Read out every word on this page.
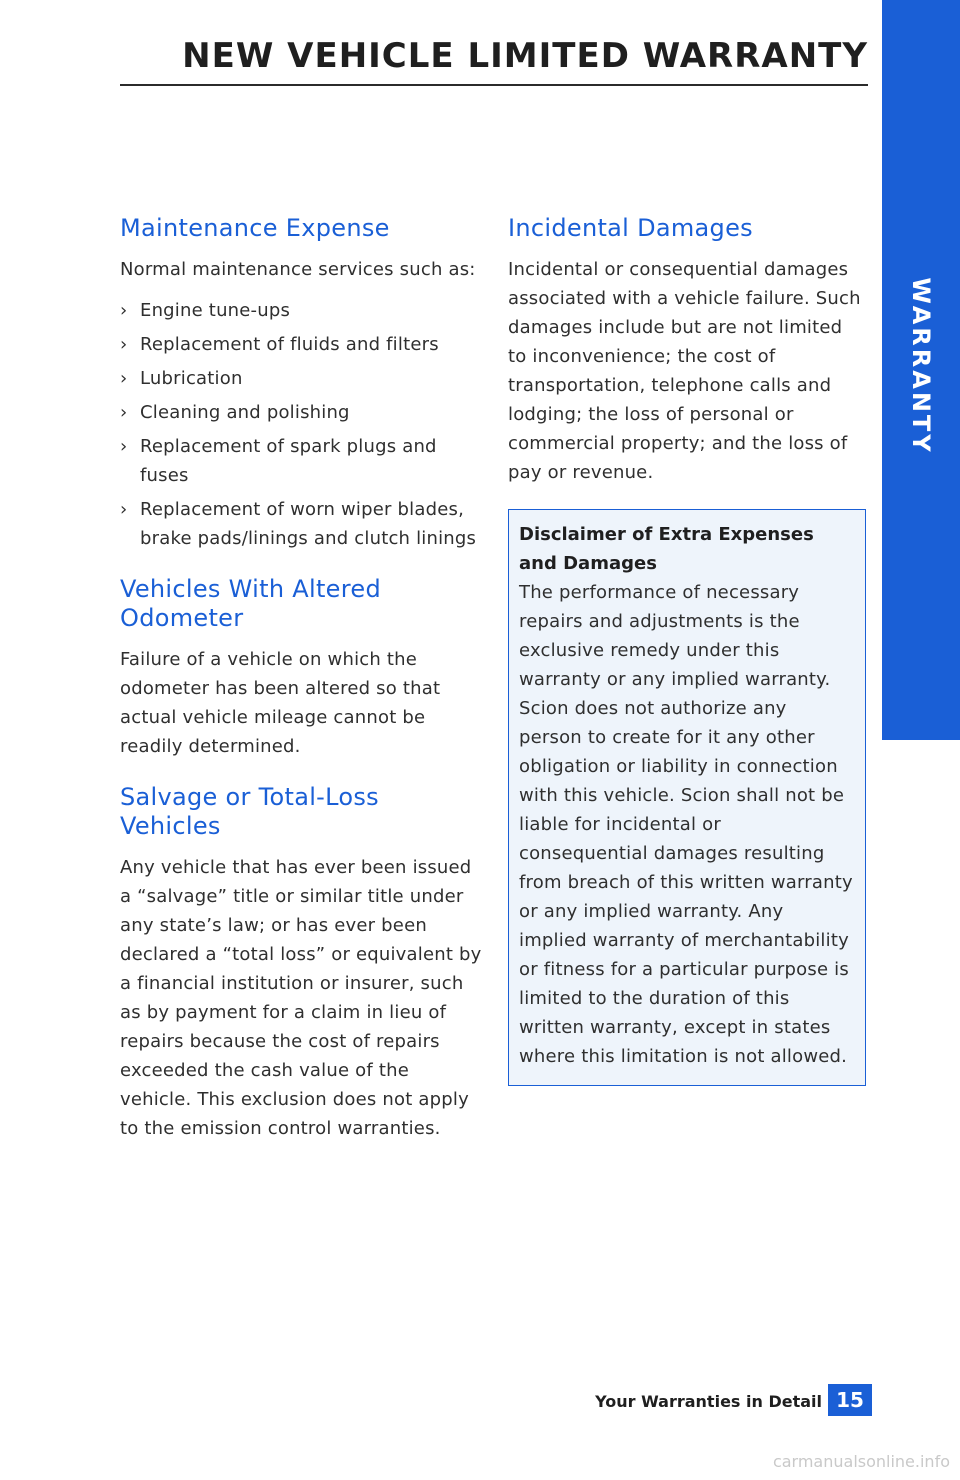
WARRANTY
NEW VEHICLE LIMITED WARRANTY
Maintenance Expense

Normal maintenance services such as:

› Engine tune-ups
› Replacement of fluids and filters
› Lubrication
› Cleaning and polishing
› Replacement of spark plugs and fuses
› Replacement of worn wiper blades, brake pads/linings and clutch linings
Vehicles With Altered Odometer

Failure of a vehicle on which the odometer has been altered so that actual vehicle mileage cannot be readily determined.

Salvage or Total-Loss Vehicles

Any vehicle that has ever been issued a “salvage” title or similar title under any state’s law; or has ever been declared a “total loss” or equivalent by a financial institution or insurer, such as by payment for a claim in lieu of repairs because the cost of repairs exceeded the cash value of the vehicle. This exclusion does not apply to the emission control warranties.

Incidental Damages

Incidental or consequential damages associated with a vehicle failure. Such damages include but are not limited to inconvenience; the cost of transportation, telephone calls and lodging; the loss of personal or commercial property; and the loss of pay or revenue.

Disclaimer of Extra Expenses and Damages
The performance of necessary repairs and adjustments is the exclusive remedy under this warranty or any implied warranty. Scion does not authorize any person to create for it any other obligation or liability in connection with this vehicle. Scion shall not be liable for incidental or consequential damages resulting from breach of this written warranty or any implied warranty. Any implied warranty of merchantability or fitness for a particular purpose is limited to the duration of this written warranty, except in states where this limitation is not allowed.
Your Warranties in Detail 15
carmanualsonline.info
